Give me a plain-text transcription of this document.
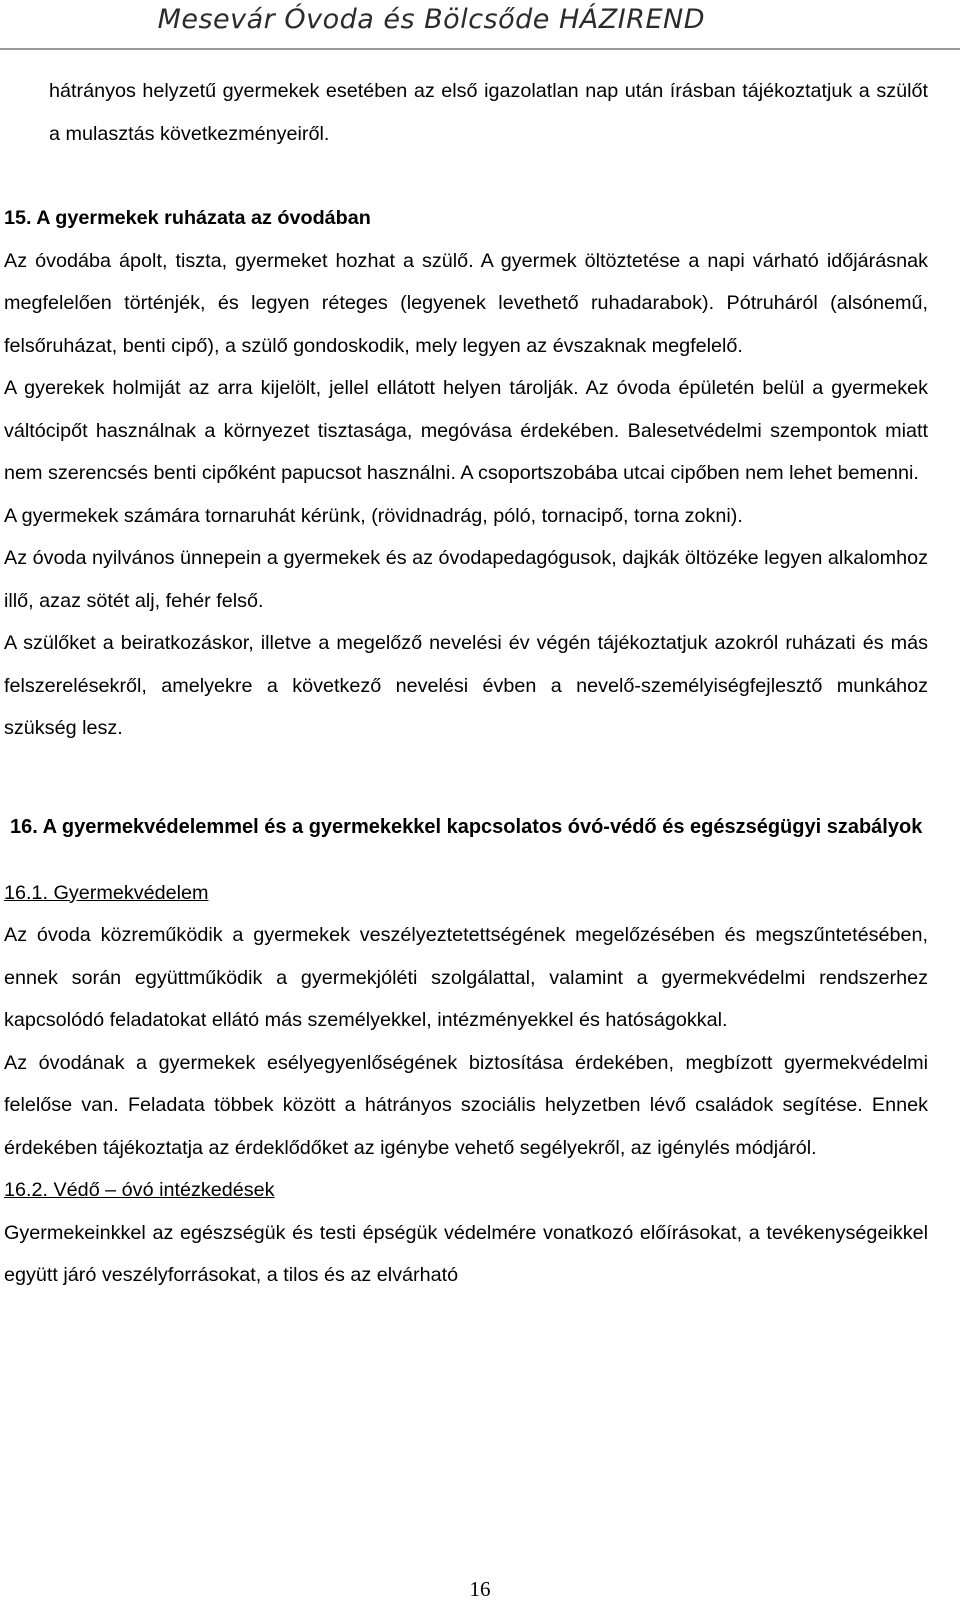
Mesevár Óvoda és Bölcsőde HÁZIREND

hátrányos helyzetű gyermekek esetében az első igazolatlan nap után írásban tájékoztatjuk a szülőt a mulasztás következményeiről.

15. A gyermekek ruházata az óvodában

Az óvodába ápolt, tiszta, gyermeket hozhat a szülő. A gyermek öltöztetése a napi várható időjárásnak megfelelően történjék, és legyen réteges (legyenek levethető ruhadarabok). Pótruháról (alsónemű, felsőruházat, benti cipő), a szülő gondoskodik, mely legyen az évszaknak megfelelő.

A gyerekek holmiját az arra kijelölt, jellel ellátott helyen tárolják. Az óvoda épületén belül a gyermekek váltócipőt használnak a környezet tisztasága, megóvása érdekében. Balesetvédelmi szempontok miatt nem szerencsés benti cipőként papucsot használni. A csoportszobába utcai cipőben nem lehet bemenni.

A gyermekek számára tornaruhát kérünk, (rövidnadrág, póló, tornacipő, torna zokni).

Az óvoda nyilvános ünnepein a gyermekek és az óvodapedagógusok, dajkák öltözéke legyen alkalomhoz illő, azaz sötét alj, fehér felső.

A szülőket a beiratkozáskor, illetve a megelőző nevelési év végén tájékoztatjuk azokról ruházati és más felszerelésekről, amelyekre a következő nevelési évben a nevelő-személyiségfejlesztő munkához szükség lesz.

16. A gyermekvédelemmel és a gyermekekkel kapcsolatos óvó-védő és egészségügyi szabályok

16.1. Gyermekvédelem

Az óvoda közreműködik a gyermekek veszélyeztetettségének megelőzésében és megszűntetésében, ennek során együttműködik a gyermekjóléti szolgálattal, valamint a gyermekvédelmi rendszerhez kapcsolódó feladatokat ellátó más személyekkel, intézményekkel és hatóságokkal.

Az óvodának a gyermekek esélyegyenlőségének biztosítása érdekében, megbízott gyermekvédelmi felelőse van. Feladata többek között a hátrányos szociális helyzetben lévő családok segítése. Ennek érdekében tájékoztatja az érdeklődőket az igénybe vehető segélyekről, az igénylés módjáról.

16.2. Védő – óvó intézkedések

Gyermekeinkkel az egészségük és testi épségük védelmére vonatkozó előírásokat, a tevékenységeikkel együtt járó veszélyforrásokat, a tilos és az elvárható

16
